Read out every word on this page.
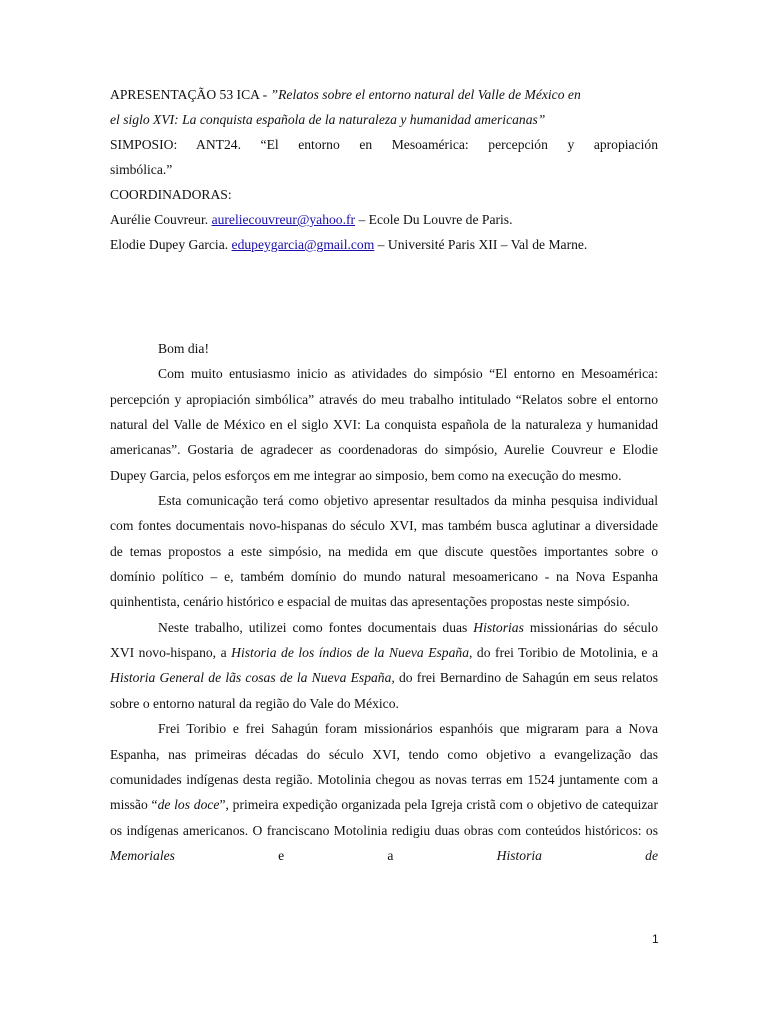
APRESENTAÇÃO 53 ICA - ”Relatos sobre el entorno natural del Valle de México en
el siglo XVI: La conquista española de la naturaleza y humanidad americanas”
SIMPOSIO: ANT24. “El entorno en Mesoamérica: percepción y apropiación
simbólica.”
COORDINADORAS:
Aurélie Couvreur. aureliecouvreur@yahoo.fr – Ecole Du Louvre de Paris.
Elodie Dupey Garcia. edupeygarcia@gmail.com – Université Paris XII – Val de Marne.

Bom dia!

Com muito entusiasmo inicio as atividades do simpósio “El entorno en Mesoamérica: percepción y apropiación simbólica” através do meu trabalho intitulado “Relatos sobre el entorno natural del Valle de México en el siglo XVI: La conquista española de la naturaleza y humanidad americanas”. Gostaria de agradecer as coordenadoras do simpósio, Aurelie Couvreur e Elodie Dupey Garcia, pelos esforços em me integrar ao simposio, bem como na execução do mesmo.

Esta comunicação terá como objetivo apresentar resultados da minha pesquisa individual com fontes documentais novo-hispanas do século XVI, mas também busca aglutinar a diversidade de temas propostos a este simpósio, na medida em que discute questões importantes sobre o domínio político – e, também domínio do mundo natural mesoamericano - na Nova Espanha quinhentista, cenário histórico e espacial de muitas das apresentações propostas neste simpósio.

Neste trabalho, utilizei como fontes documentais duas Historias missionárias do século XVI novo-hispano, a Historia de los índios de la Nueva España, do frei Toribio de Motolinia, e a Historia General de lãs cosas de la Nueva España, do frei Bernardino de Sahagún em seus relatos sobre o entorno natural da região do Vale do México.

Frei Toribio e frei Sahagún foram missionários espanhóis que migraram para a Nova Espanha, nas primeiras décadas do século XVI, tendo como objetivo a evangelização das comunidades indígenas desta região. Motolinia chegou as novas terras em 1524 juntamente com a missão “de los doce”, primeira expedição organizada pela Igreja cristã com o objetivo de catequizar os indígenas americanos. O franciscano Motolinia redigiu duas obras com conteúdos históricos: os Memoriales e a Historia de

1
